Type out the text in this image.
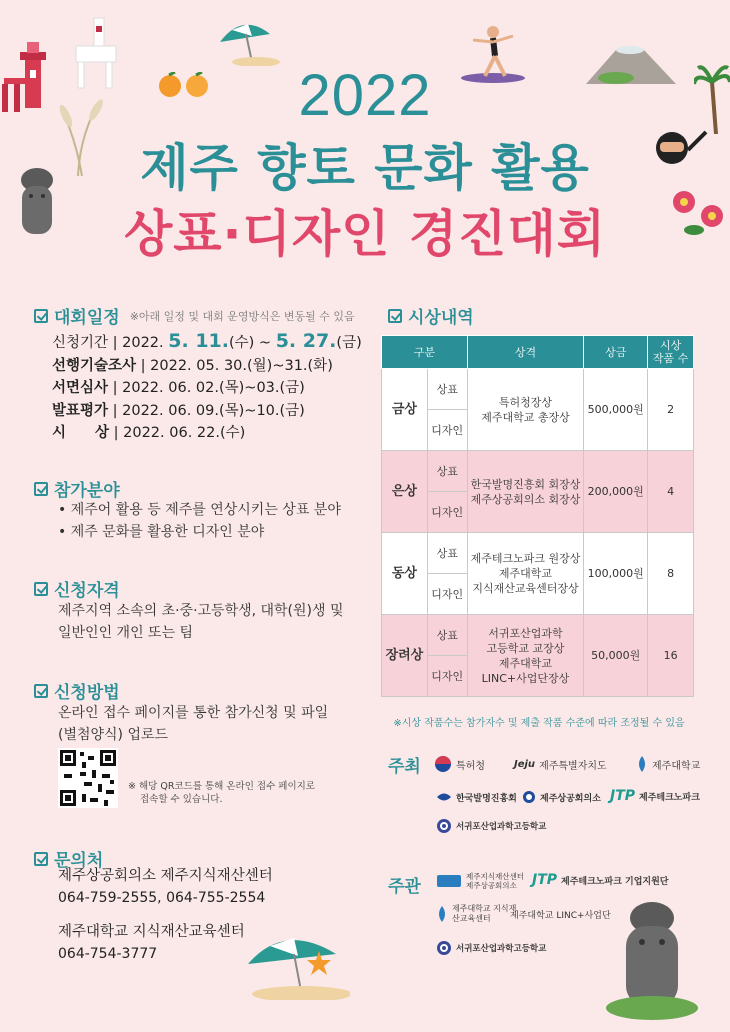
2022
제주 향토 문화 활용
상표·디자인 경진대회
대회일정 ※아래 일정 및 대회 운영방식은 변동될 수 있음
신청기간 | 2022. 5. 11.(수) ~ 5. 27.(금)
선행기술조사 | 2022. 05. 30.(월)~31.(화)
서면심사 | 2022. 06. 02.(목)~03.(금)
발표평가 | 2022. 06. 09.(목)~10.(금)
시　　상 | 2022. 06. 22.(수)
참가분야
• 제주어 활용 등 제주를 연상시키는 상표 분야
• 제주 문화를 활용한 디자인 분야
신청자격
제주지역 소속의 초·중·고등학생, 대학(원)생 및
일반인인 개인 또는 팀
신청방법
온라인 접수 페이지를 통한 참가신청 및 파일
(별첨양식) 업로드
※ 해당 QR코드를 통해 온라인 접수 페이지로
접속할 수 있습니다.
문의처
제주상공회의소 제주지식재산센터
064-759-2555, 064-755-2554
제주대학교 지식재산교육센터
064-754-3777
시상내역
구분		상격	상금	시상
작품 수
금상	상표	특허청장상
제주대학교 총장상	500,000원	2
	디자인			
은상	상표	한국발명진흥회 회장상
제주상공회의소 회장상	200,000원	4
	디자인			
동상	상표	제주테크노파크 원장상
제주대학교
지식재산교육센터장상	100,000원	8
	디자인			
장려상	상표	서귀포산업과학
고등학교 교장상
제주대학교
LINC+사업단장상	50,000원	16
	디자인			
※시상 작품수는 참가자수 및 제출 작품 수준에 따라 조정될 수 있음
주최	특허청	Jeju 제주특별자치도	제주대학교
한국발명진흥회	제주상공회의소 JTP 제주테크노파크
서귀포산업과학고등학교
주관
제주지식재산센터
제주상공회의소	JTP 제주테크노파크 기업지원단
제주대학교 지식재산교육센터	제주대학교 LINC+사업단
서귀포산업과학고등학교
